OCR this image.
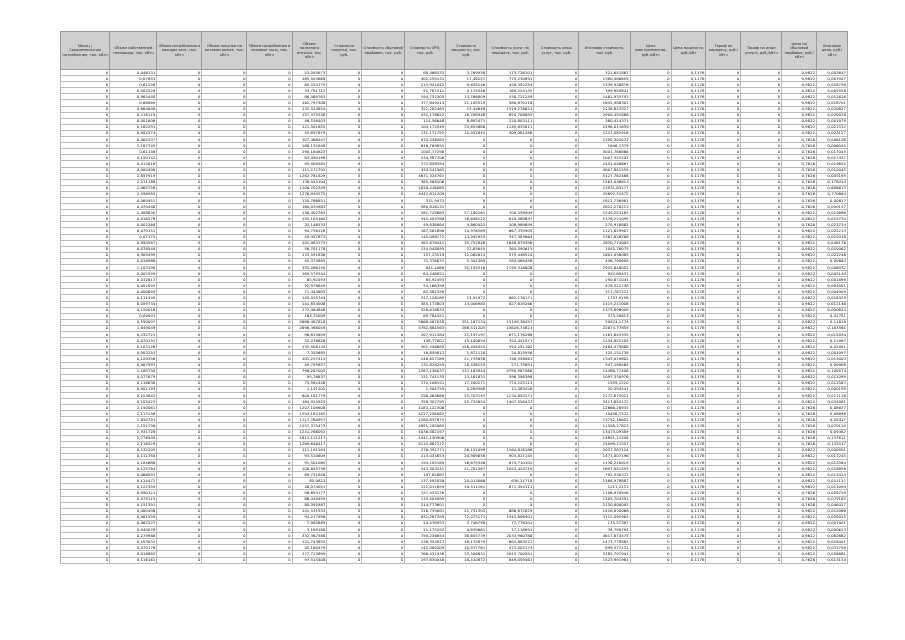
Месяц / Среднемесячное потребление, тыс. кВтч	Объем собственной генерации, тыс. кВтч	Объем потребления в каждом часе, тыс. кВтч	Объем покупки на оптовом рынке, тыс. кВтч	Объем потребления в пиковые часы, тыс. кВтч	Объем полезного отпуска, тыс. кВтч	Стоимость покупки, тыс. руб.	Стоимость сбытовой надбавки, тыс. руб.	Стоимость ОРЭ, тыс. руб.	Стоимость мощности, тыс. руб.	Стоимость услуг по передаче, тыс. руб.	Стоимость иных услуг, тыс. руб.	Итоговая стоимость, тыс. руб.	Цена электроэнергии, руб./кВтч	Цена мощности, руб./кВт	Тариф на передачу, руб./кВтч	Тариф на иные услуги, руб./кВтч	Цена по сбытовой надбавке, руб./кВтч	Итоговая цена, руб./кВтч
0	0,046131	0	0	0	53,095673	0	0	88,468533	3,769958	173,726101	0	321,641867	0	0,1176	0	0	0,9822	0,003647
0	0,07653	0	0	0	185,503668	0	0	402,259131	17,46257	775,230891	0	1380,466659	0	0,1176	0	0	0,9822	0,007947
0	0,61258	0	0	0	80,534775	0	0	215,941042	9,639146	428,352294	0	1339,938876	0	0,1176	0	0	0,9822	0,018756
0	0,002528	0	0	0	33,791712	0	0	91,787511	4,174546	169,224155	0	399,959841	0	0,1176	0	0	0,9822	0,005928
0	0,963448	0	0	0	86,469763	0	0	194,752305	13,766809	530,721249	0	1461,935793	0	0,1176	0	0	0,9822	0,012826
0	0,68089	0	0	0	162,797508	0	0	377,649414	21,105519	580,870118	0	1642,908301	0	0,1176	0	0	0,9822	0,018701
0	0,664646	0	0	0	135,524854	0	0	322,282463	15,44648	1319,276621	0	2136,823327	0	0,1176	0	0	0,9822	0,020827
0	0,218119	0	0	0	157,379338	0	0	432,178652	16,706948	854,708695	0	2900,491868	0	0,1176	0	0	0,9822	0,039028
0	0,001808	0	0	0	46,536403	0	0	114,56648	8,893471	220,803111	0	360,414371	0	0,1176	0	0	0,9822	0,001979
0	0,162291	0	0	0	121,501855	0	0	104,172549	33,653886	1149,833811	0	2496,011639	0	0,1176	0	0	0,9822	0,021532
0	0,002374	0	0	0	55,697879	0	0	131,171792	10,451841	509,081286	0	1227,082916	0	0,1176	0	0	0,9822	0,023127
0	0,064337	0	0	0	107,468447	0	0	070,436563	0	0	0	1390,303072	0	0,1176	0	0	0,7626	0,008108
0	1,187749	0	0	0	168,132948	0	0	846,769855	0	0	0	1846,1379	0	0,1176	0	0	0,7626	0,006045
0	0,61158	0	0	0	290,164823	0	0	1005,77298	0	0	0	3001,786886	0	0,1176	0	0	0,7626	0,017045
0	0,120142	0	0	0	83,490198	0	0	234,387706	0	0	0	1007,352201	0	0,1176	0	0	0,7626	0,017457
0	0,012816	0	0	0	95,909582	0	0	372,858393	0	0	0	1451,048667	0	0,1176	0	0	0,7626	0,019652
0	0,000498	0	0	0	111,272792	0	0	434,541565	0	0	0	4007,841559	0	0,1176	0	0	0,7626	0,010045
0	2,857919	0	0	0	1262,781829	0	0	4671,324761	0	0	0	5127,782486	0	0,1176	0	0	0,7626	0,045189
0	2,511188	0	0	0	138,945104	0	0	385,488306	0	0	0	1561,036613	0	0,1176	0	0	0,7626	0,178414
0	1,065756	0	0	0	1106,702349	0	0	1818,416085	0	0	0	13931,83177	0	0,1176	0	0	0,7626	0,606613
0	2,596583	0	0	0	1276,930275	0	0	4442,811209	0	0	0	29802,51472	0	0,1176	0	0	0,7626	0,770664
0	0,060951	0	0	0	150,786851	0	0	331,9075	0	0	0	1812,736961	0	0,1176	0	0	0,7626	0,00817
0	0,470448	0	0	0	160,034983	0	0	580,816131	0	0	0	2822,276213	0	0,1176	0	0	0,7626	0,050157
0	1,408830	0	0	0	136,402763	0	0	281,729863	57,180161	700,558909	0	1549,253185	0	0,1176	0	0	0,9822	0,015686
0	0,016578	0	0	0	155,105164	0	0	345,405766	18,646122	610,969897	0	1376,221099	0	0,1176	0	0	0,9822	0,015735
0	0,002268	0	0	0	32,146533	0	0	49,836884	4,860052	208,969899	0	270,918882	0	0,1176	0	0	0,7626	0,023724
0	0,079151	0	0	0	94,726128	0	0	187,581898	10,976269	667,335905	0	1121,629907	0	0,1176	0	0	0,9822	0,022213
0	0,07175	0	0	0	45,457873	0	0	145,098172	14,592955	547,383664	0	1367,826568	0	0,1176	0	0	0,9822	0,022016
0	0,890587	0	0	0	201,063173	0	0	482,676441	35,752846	1648,879396	0	2830,774005	0	0,1176	0	0	0,9822	0,046176
0	0,078549	0	0	0	56,701178	0	0	134,048095	12,85645	364,390615	0	1045,76075	0	0,1176	0	0	0,9822	0,010062
0	0,909499	0	0	0	133,591836	0	0	157,23519	12,062614	575,448524	0	1601,036065	0	0,1176	0	0	0,9822	0,022246
0	0,018966	0	0	0	45,375895	0	0	72,376837	5,341389	284,069456	0	446,790609	0	0,1176	0	0	0,9822	0,00684
0	1,103198	0	0	0	355,266140	0	0	641,1068	32,155516	1749,318808	0	2952,848052	0	0,1176	0	0	0,9822	0,008932
0	0,002599	0	0	0	169,579344	0	0	64,448851	0	0	0	952,69431	0	0,1176	0	0	0,9822	0,005144
0	0,012817	0	0	0	85,92493	0	0	85,92493	0	0	0	290,871041	0	0,1176	0	0	0,9822	0,001899
0	0,002093	0	0	0	92,978849	0	0	54,166399	0	0	0	476,522758	0	0,1176	0	0	0,9822	0,003001
0	0,000649	0	0	0	71,444605	0	0	82,382558	0	0	0	317,767217	0	0,1176	0	0	0,9822	0,004009
0	0,111549	0	0	0	145,035744	0	0	317,126189	15,91972	862,176171	0	1737,9158	0	0,1176	0	0	0,9822	0,018329
0	0,059734	0	0	0	141,854008	0	0	385,173803	13,006983	627,619266	0	1419,211008	0	0,1176	0	0	0,9822	0,012146
0	0,120016	0	0	0	272,464848	0	0	328,616833	0	0	0	1379,896009	0	0,1176	0	0	0,9822	0,000624
0	0,09001	0	0	0	163,35009	0	0	89,784451	0	0	0	373,30613	0	0,1176	0	0	0,9822	0,01751
0	0,190097	0	0	0	5668,467818	0	0	5668,467818	251,167134	15149,38457	0	20974,1774	0	0,1176	0	0	0,9822	0,11818
0	1,849049	0	0	0	2696,366049	0	0	5782,884563	286,511205	13626,74821	0	22674,77859	0	0,1176	0	0	0,9822	0,183561
0	0,232721	0	0	0	96,815659	0	0	207,911384	21,197197	671,176268	0	1161,643335	0	0,1176	0	0	0,9822	0,015034
0	0,070131	0	0	0	55,076628	0	0	148,77601	15,100654	354,441971	0	1254,852105	0	0,1176	0	0	0,9822	0,11067
0	0,103126	0	0	0	132,908134	0	0	301,546685	156,458444	554,291162	0	2464,479888	0	0,1176	0	0	0,9822	0,02001
0	0,003253	0	0	0	7,355683	0	0	16,859813	1,871118	24,815956	0	125,131738	0	0,1176	0	0	0,9822	0,001097
0	0,120356	0	0	0	101,237414	0	0	246,657189	21,735856	746,558061	0	1343,029802	0	0,1176	0	0	0,9822	0,013003
0	0,067997	0	0	0	49,795857	0	0	132,828259	18,436155	571,75891	0	947,198465	0	0,1176	0	0	0,9822	0,00908
0	1,169750	0	0	0	796,267003	0	0	1267,136037	137,163944	4790,987466	0	14488,77406	0	0,1176	0	0	0,9822	0,100574
0	0,077679	0	0	0	95,76637	0	0	151,741135	13,161831	596,398388	0	1097,330976	0	0,1176	0	0	0,9822	0,011099
0	0,116638	0	0	0	75,582448	0	0	172,106151	17,200271	774,225113	0	1559,1210	0	0,1176	0	0	0,9822	0,012587
0	0,001193	0	0	0	1,141202	0	0	1,504759	0,289568	11,083426	0	20,594241	0	0,1176	0	0	0,9822	0,000199
0	0,103642	0	0	0	600,161779	0	0	256,464668	25,703143	1134,855271	0	2172,675011	0	0,1176	0	0	0,9822	0,011116
0	0,103423	0	0	0	164,925925	0	0	358,302795	25,725854	1407,558437	0	2417,855172	0	0,1176	0	0	0,9822	0,034081
0	2,150061	0	0	0	1207,109608	0	0	4183,122306	0	0	0	12666,28935	0	0,1176	0	0	0,7626	0,08637
0	2,113158	0	0	0	1203,183165	0	0	4227,258062	0	0	0	10456,7512	0	0,1176	0	0	0,7626	0,08698
0	1,650791	0	0	0	1117,780957	0	0	4280,837875	0	0	0	13752,18652	0	0,1176	0	0	0,7626	0,05417
0	1,151756	0	0	0	1257,375473	0	0	4891,205065	0	0	0	11558,27823	0	0,1176	0	0	0,7626	0,070119
0	2,931728	0	0	0	1241,768092	0	0	4036,082197	0	0	0	13473,09389	0	0,1176	0	0	0,7626	0,09382
0	2,776505	0	0	0	1811,111217	0	0	4341,130906	0	0	0	14851,11558	0	0,1176	0	0	0,7626	0,137611
0	2,116329	0	0	0	1269,646417	0	0	4115,687272	0	0	0	14099,11557	0	0,1176	0	0	0,7626	0,132517
0	0,132205	0	0	0	111,191264	0	0	276,391771	26,151099	1164,816186	0	2037,387124	0	0,1176	0	0	0,9822	0,000901
0	0,111784	0	0	0	93,510609	0	0	213,035853	20,909656	903,811145	0	1471,007196	0	0,1176	0	0	0,9822	0,017245
0	0,104888	0	0	0	91,501065	0	0	154,105165	16,679346	674,710102	0	1136,210019	0	0,1176	0	0	0,9822	0,012564
0	0,125764	0	0	0	106,843758	0	0	243,303141	21,781567	1053,424719	0	1697,041593	0	0,1176	0	0	0,9822	0,018856
0	0,066091	0	0	0	89,731658	0	0	197,82887	0	0	0	792,530371	0	0,1176	0	0	0,9822	0,013413
0	0,114472	0	0	0	85,0821	0	0	137,492058	20,013066	836,21718	0	1568,978887	0	0,1176	0	0	0,9822	0,011137
0	0,122359	0	0	0	46,074051	0	0	121,011659	10,511161	871,454111	0	1211,2133	0	0,1176	0	0	0,9822	0,011094
0	0,090121	0	0	0	96,693177	0	0	157,433178	0	0	0	1106,978948	0	0,1176	0	0	0,7626	0,059729
0	0,079115	0	0	0	86,449459	0	0	115,404999	0	0	0	1205,704391	0	0,1176	0	0	0,7626	0,079182
0	0,151391	0	0	0	80,395487	0	0	214,773601	0	0	0	2150,800092	0	0,1176	0	0	0,7626	0,046417
0	0,080498	0	0	0	141,531933	0	0	316,739081	21,731303	886,672829	0	1416,830066	0	0,1176	0	0	0,9822	0,015066
0	0,061559	0	0	0	94,277956	0	0	632,287399	72,073171	1343,808401	0	3112,092963	0	0,1176	0	0	0,9822	0,035025
0	0,062527	0	0	0	7,065869	0	0	24,476953	3,746798	77,776201	0	174,57367	0	0,1176	0	0	0,9822	0,001901
0	0,040078	0	0	0	3,189188	0	0	11,175292	0,839661	17,118691	0	34,790794	0	0,1176	0	0	0,9822	0,000613
0	0,279988	0	0	0	352,367588	0	0	758,236654	36,655739	2033,960788	0	4817,674575	0	0,1176	0	0	0,9822	0,062882
0	0,103031	0	0	0	121,743855	0	0	238,354027	16,135879	683,883221	0	1473,778983	0	0,1176	0	0	0,9822	0,018441
0	0,070176	0	0	0	45,169479	0	0	145,000309	10,917761	473,003173	0	899,577131	0	0,1176	0	0	0,9822	0,033758
0	0,016883	0	0	0	277,713699	0	0	766,431938	33,506631	2043,700951	0	3185,797941	0	0,1176	0	0	0,9822	0,056861
0	0,116161	0	0	0	97,515408	0	0	197,830048	16,410872	849,059461	0	1523,991961	0	0,1176	0	0	0,7626	0,013134
